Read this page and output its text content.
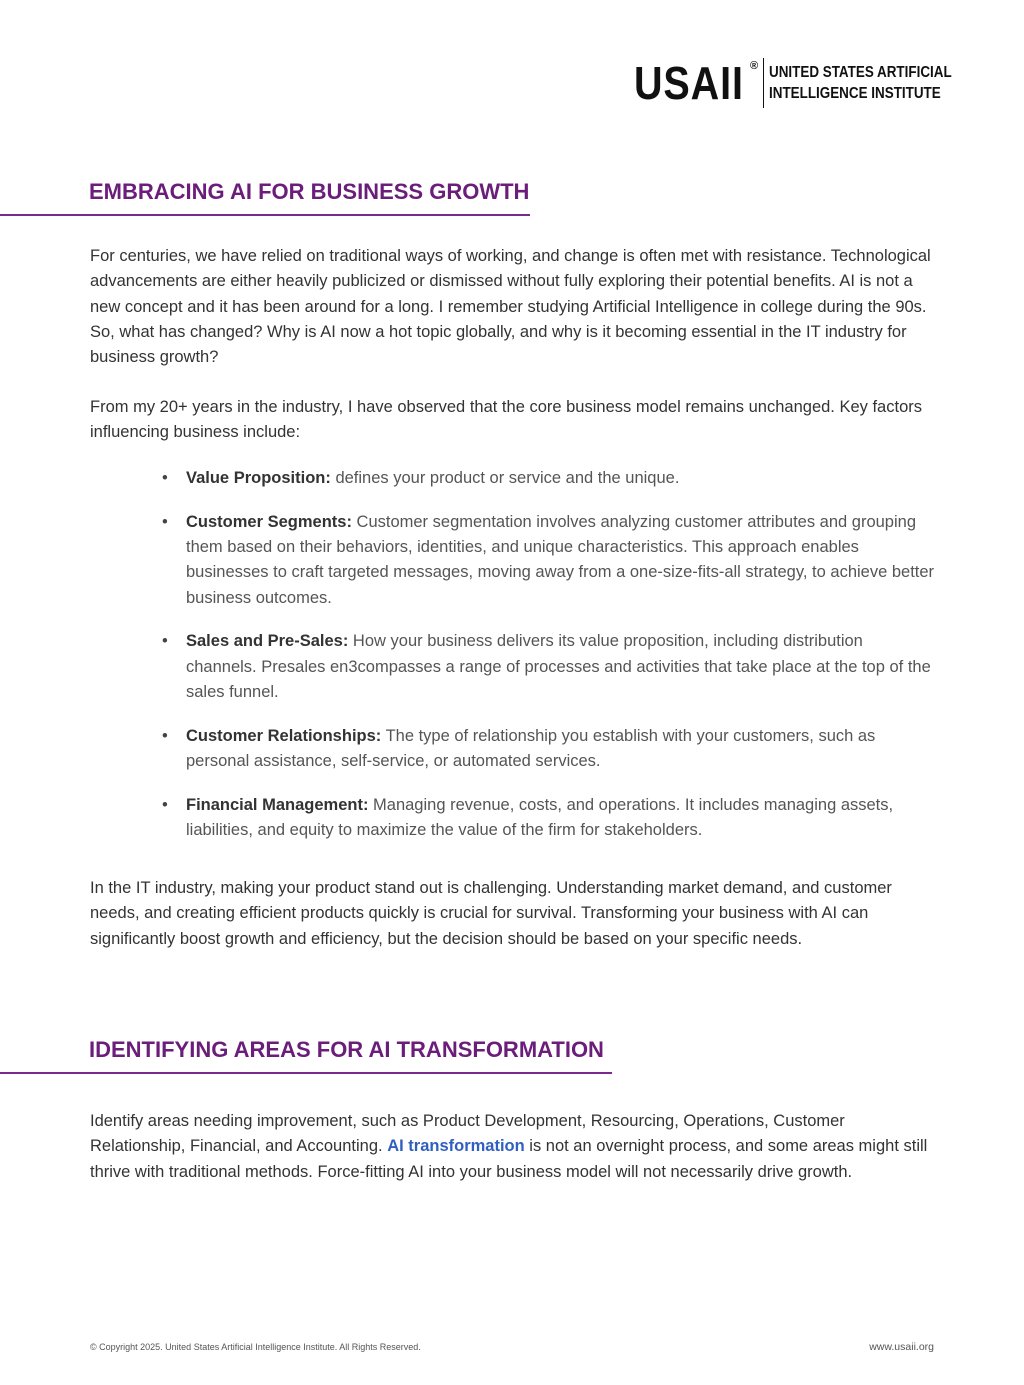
USAII ® UNITED STATES ARTIFICIAL
INTELLIGENCE INSTITUTE
EMBRACING AI FOR BUSINESS GROWTH

For centuries, we have relied on traditional ways of working, and change is often met with resistance. Technological advancements are either heavily publicized or dismissed without fully exploring their potential benefits. AI is not a new concept and it has been around for a long. I remember studying Artificial Intelligence in college during the 90s. So, what has changed? Why is AI now a hot topic globally, and why is it becoming essential in the IT industry for business growth?

From my 20+ years in the industry, I have observed that the core business model remains unchanged. Key factors influencing business include:

• Value Proposition: defines your product or service and the unique.
• Customer Segments: Customer segmentation involves analyzing customer attributes and grouping them based on their behaviors, identities, and unique characteristics. This approach enables businesses to craft targeted messages, moving away from a one-size-fits-all strategy, to achieve better business outcomes.
• Sales and Pre-Sales: How your business delivers its value proposition, including distribution channels. Presales en3compasses a range of processes and activities that take place at the top of the sales funnel.
• Customer Relationships: The type of relationship you establish with your customers, such as personal assistance, self-service, or automated services.
• Financial Management: Managing revenue, costs, and operations. It includes managing assets, liabilities, and equity to maximize the value of the firm for stakeholders.

In the IT industry, making your product stand out is challenging. Understanding market demand, and customer needs, and creating efficient products quickly is crucial for survival. Transforming your business with AI can significantly boost growth and efficiency, but the decision should be based on your specific needs.

IDENTIFYING AREAS FOR AI TRANSFORMATION

Identify areas needing improvement, such as Product Development, Resourcing, Operations, Customer Relationship, Financial, and Accounting. AI transformation is not an overnight process, and some areas might still thrive with traditional methods. Force-fitting AI into your business model will not necessarily drive growth.

© Copyright 2025. United States Artificial Intelligence Institute. All Rights Reserved.	www.usaii.org
